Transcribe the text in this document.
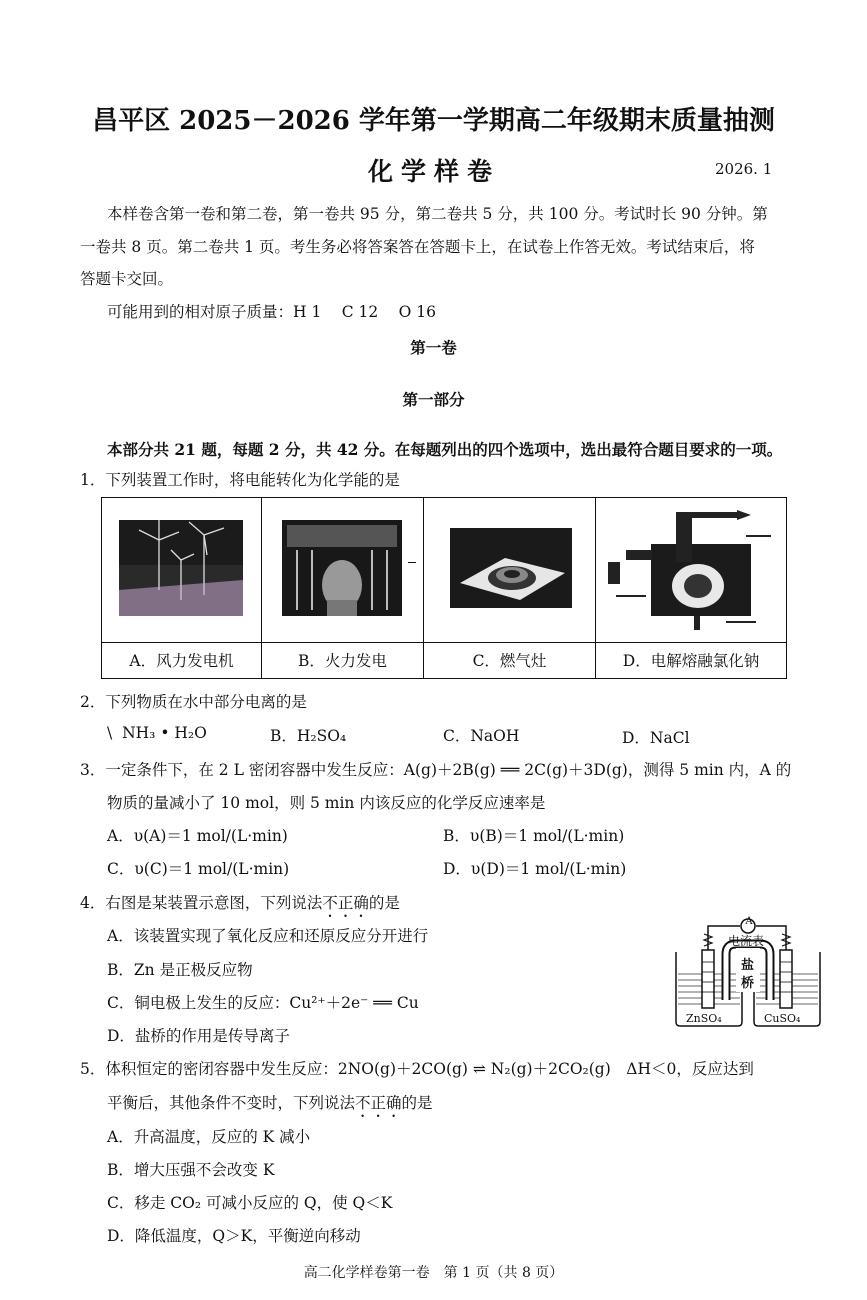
昌平区 2025－2026 学年第一学期高二年级期末质量抽测
化学样卷	2026. 1

本样卷含第一卷和第二卷，第一卷共 95 分，第二卷共 5 分，共 100 分。考试时长 90 分钟。第

一卷共 8 页。第二卷共 1 页。考生务必将答案答在答题卡上，在试卷上作答无效。考试结束后，将

答题卡交回。

可能用到的相对原子质量：H 1　 C 12　 O 16

第一卷

第一部分

本部分共 21 题，每题 2 分，共 42 分。在每题列出的四个选项中，选出最符合题目要求的一项。

1．下列装置工作时，将电能转化为化学能的是

A．风力发电机	B．火力发电	C．燃气灶	D．电解熔融氯化钠

2．下列物质在水中部分电离的是

\ NH₃ • H₂O	B．H₂SO₄	C．NaOH	D．NaCl

3．一定条件下，在 2 L 密闭容器中发生反应：A(g)＋2B(g) ══ 2C(g)＋3D(g)，测得 5 min 内，A 的

物质的量减小了 10 mol，则 5 min 内该反应的化学反应速率是

A．υ(A)＝1 mol/(L·min)	B．υ(B)＝1 mol/(L·min)

C．υ(C)＝1 mol/(L·min)	D．υ(D)＝1 mol/(L·min)

4．右图是某装置示意图，下列说法不正确的是

A．该装置实现了氧化反应和还原反应分开进行

B．Zn 是正极反应物

C．铜电极上发生的反应：Cu²⁺＋2e⁻ ══ Cu

D．盐桥的作用是传导离子

A
电流表
盐
桥
ZnSO₄	CuSO₄

5．体积恒定的密闭容器中发生反应：2NO(g)＋2CO(g) ⇌ N₂(g)＋2CO₂(g)　ΔH＜0，反应达到

平衡后，其他条件不变时，下列说法不正确的是

A．升高温度，反应的 K 减小

B．增大压强不会改变 K

C．移走 CO₂ 可减小反应的 Q，使 Q＜K

D．降低温度，Q＞K，平衡逆向移动

高二化学样卷第一卷　第 1 页（共 8 页）
